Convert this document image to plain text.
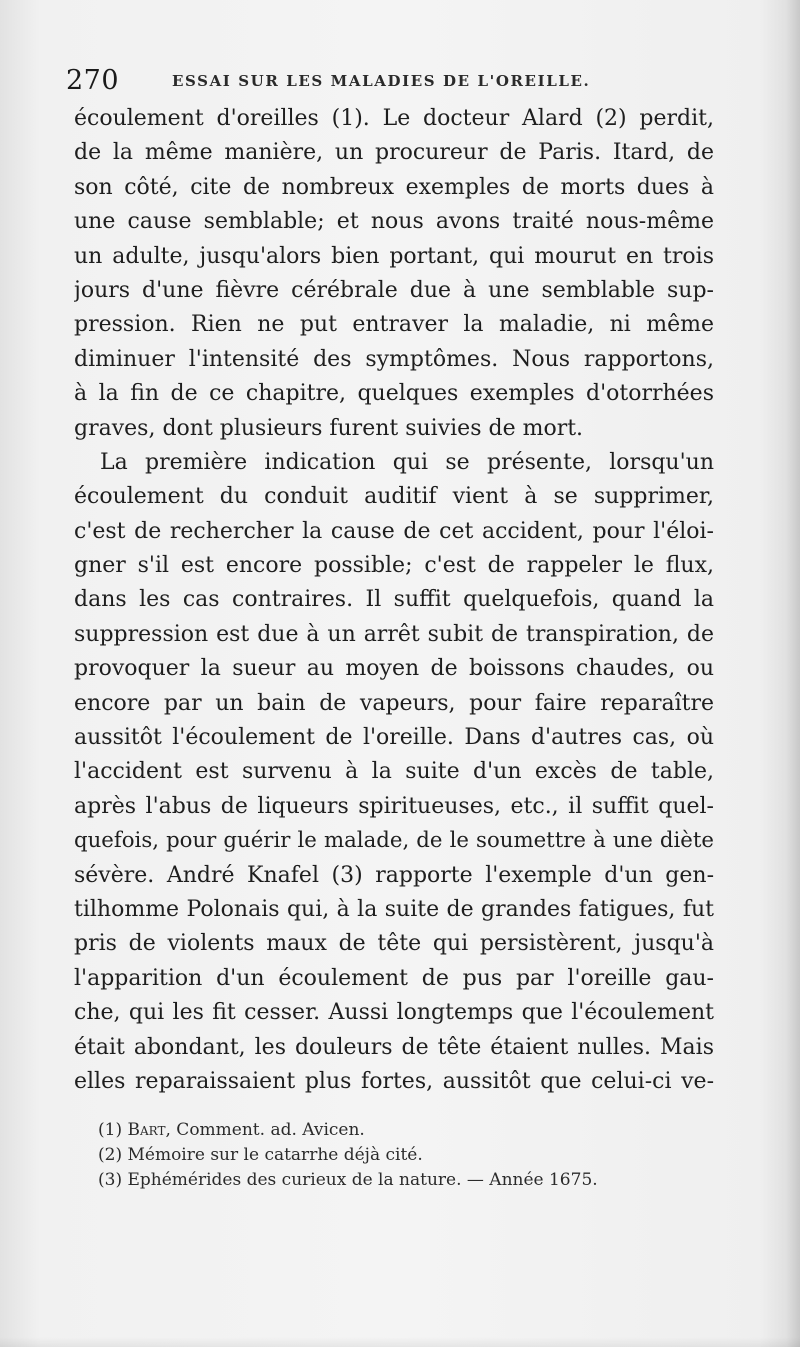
270	ESSAI SUR LES MALADIES DE L'OREILLE.
écoulement d'oreilles (1). Le docteur Alard (2) perdit,
de la même manière, un procureur de Paris. Itard, de
son côté, cite de nombreux exemples de morts dues à
une cause semblable; et nous avons traité nous-même
un adulte, jusqu'alors bien portant, qui mourut en trois
jours d'une fièvre cérébrale due à une semblable sup-
pression. Rien ne put entraver la maladie, ni même
diminuer l'intensité des symptômes. Nous rapportons,
à la fin de ce chapitre, quelques exemples d'otorrhées
graves, dont plusieurs furent suivies de mort.
La première indication qui se présente, lorsqu'un
écoulement du conduit auditif vient à se supprimer,
c'est de rechercher la cause de cet accident, pour l'éloi-
gner s'il est encore possible; c'est de rappeler le flux,
dans les cas contraires. Il suffit quelquefois, quand la
suppression est due à un arrêt subit de transpiration, de
provoquer la sueur au moyen de boissons chaudes, ou
encore par un bain de vapeurs, pour faire reparaître
aussitôt l'écoulement de l'oreille. Dans d'autres cas, où
l'accident est survenu à la suite d'un excès de table,
après l'abus de liqueurs spiritueuses, etc., il suffit quel-
quefois, pour guérir le malade, de le soumettre à une diète
sévère. André Knafel (3) rapporte l'exemple d'un gen-
tilhomme Polonais qui, à la suite de grandes fatigues, fut
pris de violents maux de tête qui persistèrent, jusqu'à
l'apparition d'un écoulement de pus par l'oreille gau-
che, qui les fit cesser. Aussi longtemps que l'écoulement
était abondant, les douleurs de tête étaient nulles. Mais
elles reparaissaient plus fortes, aussitôt que celui-ci ve-
(1) Bart, Comment. ad. Avicen.
(2) Mémoire sur le catarrhe déjà cité.
(3) Ephémérides des curieux de la nature. — Année 1675.
